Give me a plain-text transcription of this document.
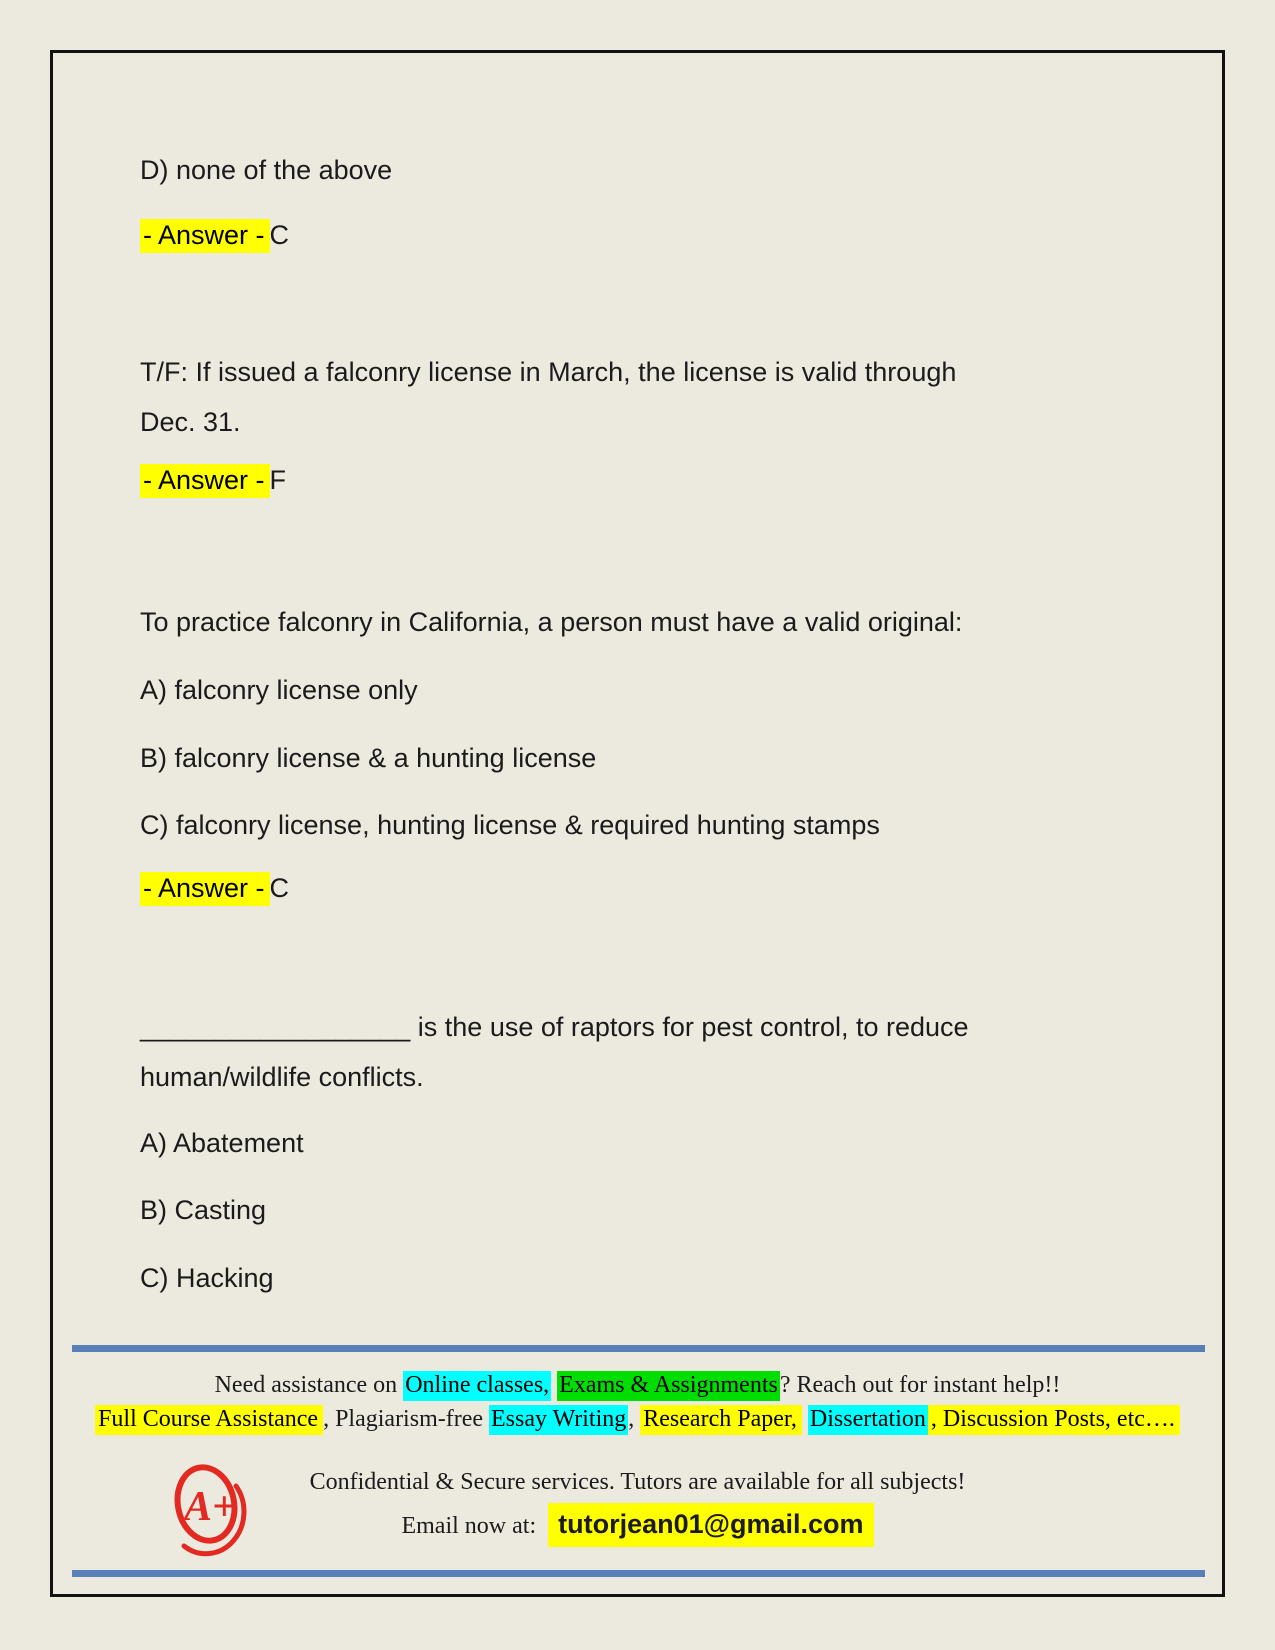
D) none of the above
- Answer - C
T/F: If issued a falconry license in March, the license is valid through
Dec. 31.
- Answer - F
To practice falconry in California, a person must have a valid original:
A) falconry license only
B) falconry license & a hunting license
C) falconry license, hunting license & required hunting stamps
- Answer - C
__________________ is the use of raptors for pest control, to reduce
human/wildlife conflicts.
A) Abatement
B) Casting
C) Hacking
Need assistance on Online classes, Exams & Assignments? Reach out for instant help!!
Full Course Assistance , Plagiarism-free Essay Writing, Research Paper, Dissertation , Discussion Posts, etc….
A+
Confidential & Secure services. Tutors are available for all subjects!
Email now at: tutorjean01@gmail.com
